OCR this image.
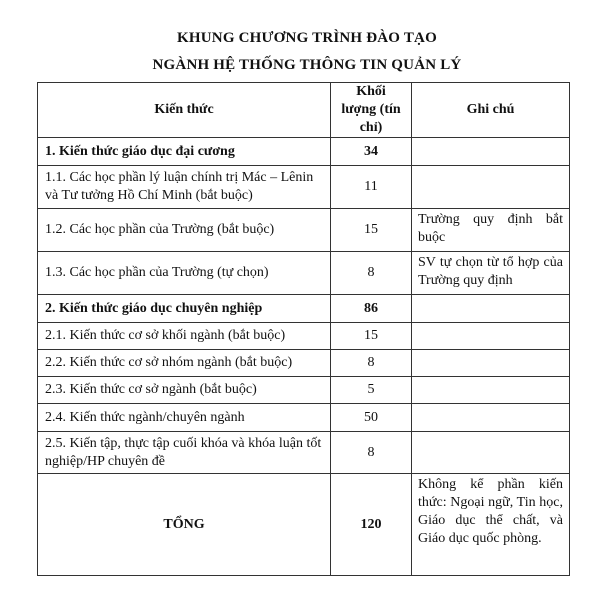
KHUNG CHƯƠNG TRÌNH ĐÀO TẠO
NGÀNH HỆ THỐNG THÔNG TIN QUẢN LÝ
Kiến thức	Khối lượng (tín chỉ)	Ghi chú
1. Kiến thức giáo dục đại cương	34	
1.1. Các học phần lý luận chính trị Mác – Lênin và Tư tưởng Hồ Chí Minh (bắt buộc)	11	
1.2. Các học phần của Trường (bắt buộc)	15	Trường quy định bắt buộc
1.3. Các học phần của Trường (tự chọn)	8	SV tự chọn từ tổ hợp của Trường quy định
2. Kiến thức giáo dục chuyên nghiệp	86	
2.1. Kiến thức cơ sở khối ngành (bắt buộc)	15	
2.2. Kiến thức cơ sở nhóm ngành (bắt buộc)	8	
2.3. Kiến thức cơ sở ngành (bắt buộc)	5	
2.4. Kiến thức ngành/chuyên ngành	50	
2.5. Kiến tập, thực tập cuối khóa và khóa luận tốt nghiệp/HP chuyên đề	8	
TỔNG	120	Không kể phần kiến thức: Ngoại ngữ, Tin học, Giáo dục thể chất, và Giáo dục quốc phòng.
